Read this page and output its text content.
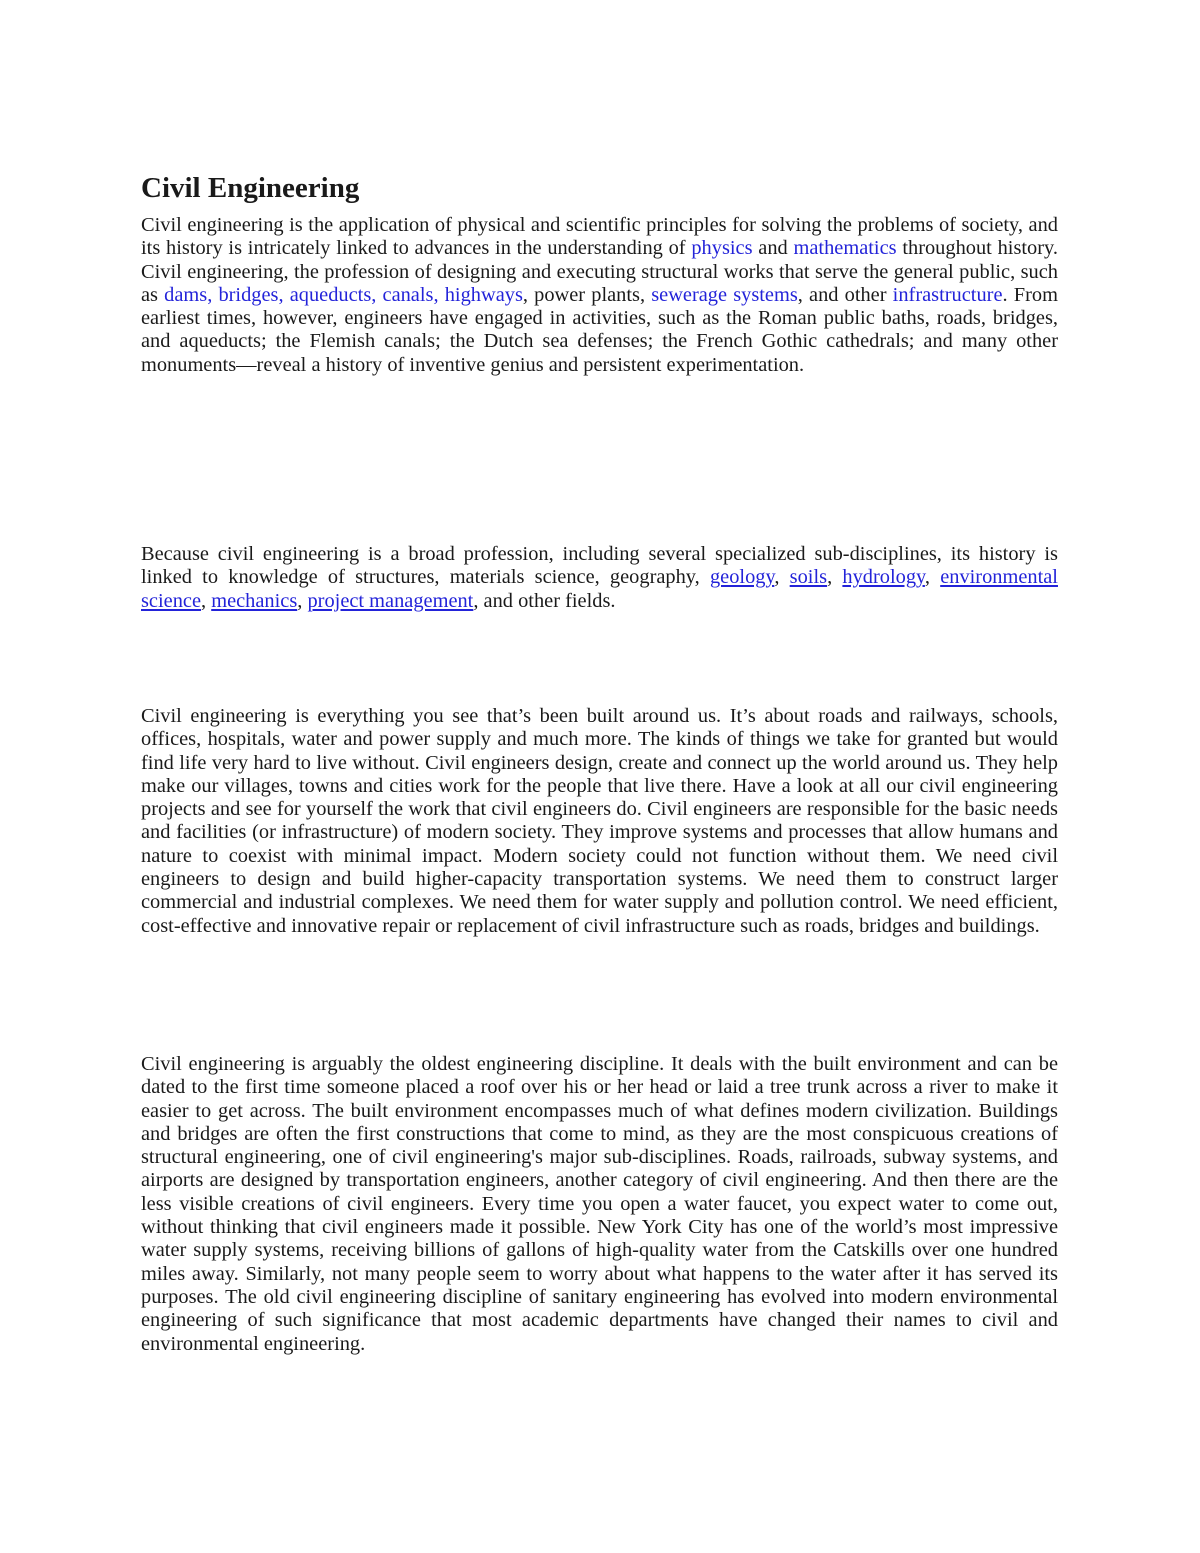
Civil Engineering

Civil engineering is the application of physical and scientific principles for solving the problems of society, and its history is intricately linked to advances in the understanding of physics and mathematics throughout history. Civil engineering, the profession of designing and executing structural works that serve the general public, such as dams, bridges, aqueducts, canals, highways, power plants, sewerage systems, and other infrastructure. From earliest times, however, engineers have engaged in activities, such as the Roman public baths, roads, bridges, and aqueducts; the Flemish canals; the Dutch sea defenses; the French Gothic cathedrals; and many other monuments—reveal a history of inventive genius and persistent experimentation.

Because civil engineering is a broad profession, including several specialized sub-disciplines, its history is linked to knowledge of structures, materials science, geography, geology, soils, hydrology, environmental science, mechanics, project management, and other fields.

Civil engineering is everything you see that’s been built around us. It’s about roads and railways, schools, offices, hospitals, water and power supply and much more. The kinds of things we take for granted but would find life very hard to live without. Civil engineers design, create and connect up the world around us. They help make our villages, towns and cities work for the people that live there. Have a look at all our civil engineering projects and see for yourself the work that civil engineers do. Civil engineers are responsible for the basic needs and facilities (or infrastructure) of modern society. They improve systems and processes that allow humans and nature to coexist with minimal impact. Modern society could not function without them. We need civil engineers to design and build higher-capacity transportation systems. We need them to construct larger commercial and industrial complexes. We need them for water supply and pollution control. We need efficient, cost-effective and innovative repair or replacement of civil infrastructure such as roads, bridges and buildings.

Civil engineering is arguably the oldest engineering discipline. It deals with the built environment and can be dated to the first time someone placed a roof over his or her head or laid a tree trunk across a river to make it easier to get across. The built environment encompasses much of what defines modern civilization. Buildings and bridges are often the first constructions that come to mind, as they are the most conspicuous creations of structural engineering, one of civil engineering's major sub-disciplines. Roads, railroads, subway systems, and airports are designed by transportation engineers, another category of civil engineering. And then there are the less visible creations of civil engineers. Every time you open a water faucet, you expect water to come out, without thinking that civil engineers made it possible. New York City has one of the world’s most impressive water supply systems, receiving billions of gallons of high-quality water from the Catskills over one hundred miles away. Similarly, not many people seem to worry about what happens to the water after it has served its purposes. The old civil engineering discipline of sanitary engineering has evolved into modern environmental engineering of such significance that most academic departments have changed their names to civil and environmental engineering.
